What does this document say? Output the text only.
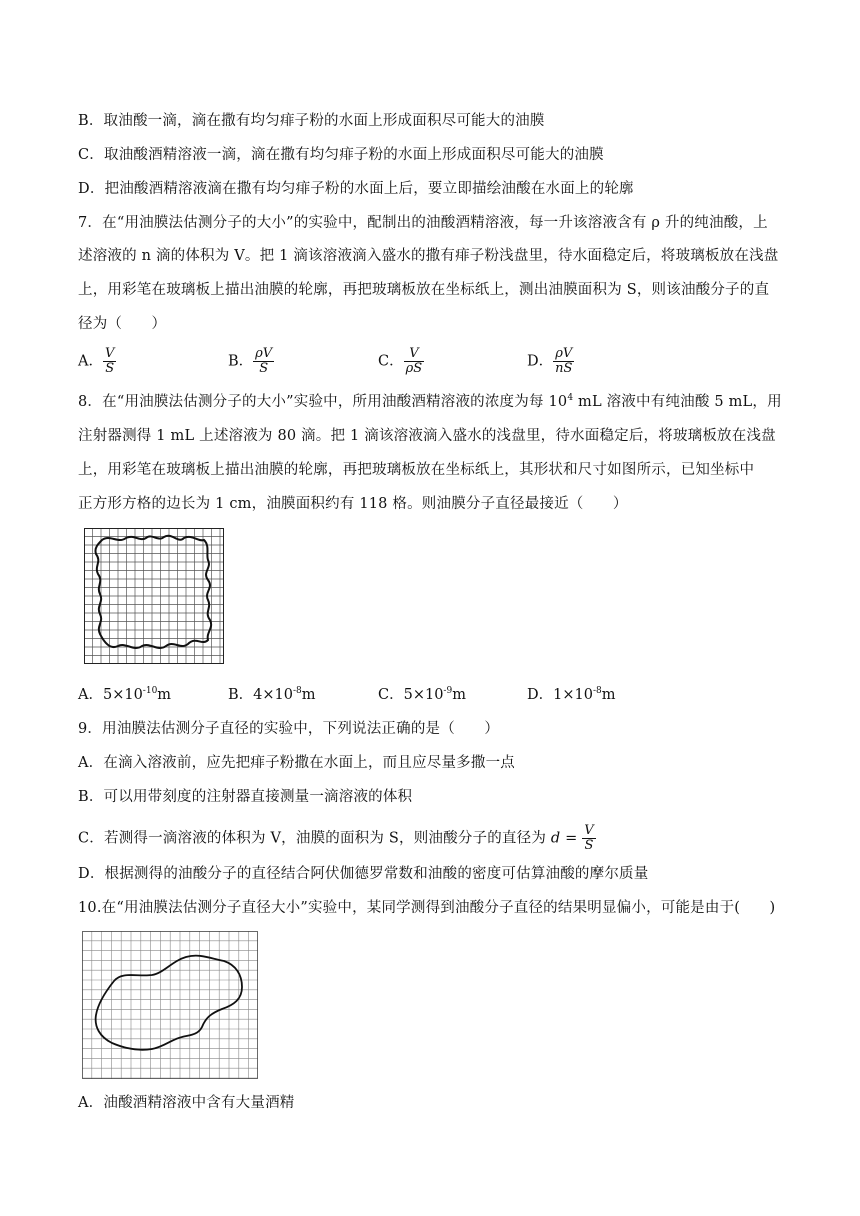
B．取油酸一滴，滴在撒有均匀痱子粉的水面上形成面积尽可能大的油膜
C．取油酸酒精溶液一滴，滴在撒有均匀痱子粉的水面上形成面积尽可能大的油膜
D．把油酸酒精溶液滴在撒有均匀痱子粉的水面上后，要立即描绘油酸在水面上的轮廓
7．在“用油膜法估测分子的大小”的实验中，配制出的油酸酒精溶液，每一升该溶液含有 ρ 升的纯油酸，上
述溶液的 n 滴的体积为 V。把 1 滴该溶液滴入盛水的撒有痱子粉浅盘里，待水面稳定后，将玻璃板放在浅盘
上，用彩笔在玻璃板上描出油膜的轮廓，再把玻璃板放在坐标纸上，测出油膜面积为 S，则该油酸分子的直
径为（　　）
A． $\frac{V}{S}$	B． $\frac{\rho V}{S}$	C． $\frac{V}{\rho S}$	D． $\frac{\rho V}{nS}$
8．在“用油膜法估测分子的大小”实验中，所用油酸酒精溶液的浓度为每 $10^4$ mL 溶液中有纯油酸 5 mL，用
注射器测得 1 mL 上述溶液为 80 滴。把 1 滴该溶液滴入盛水的浅盘里，待水面稳定后，将玻璃板放在浅盘
上，用彩笔在玻璃板上描出油膜的轮廓，再把玻璃板放在坐标纸上，其形状和尺寸如图所示，已知坐标中
正方形方格的边长为 1 cm，油膜面积约有 118 格。则油膜分子直径最接近（　　）
A．$5\times 10^{-10}m$	B．$4\times 10^{-8}m$	C．$5\times 10^{-9}m$	D．$1\times 10^{-8}m$
9．用油膜法估测分子直径的实验中，下列说法正确的是（　　）
A．在滴入溶液前，应先把痱子粉撒在水面上，而且应尽量多撒一点
B．可以用带刻度的注射器直接测量一滴溶液的体积
C．若测得一滴溶液的体积为 V，油膜的面积为 S，则油酸分子的直径为 $d = \frac{V}{S}$
D．根据测得的油酸分子的直径结合阿伏伽德罗常数和油酸的密度可估算油酸的摩尔质量
10.在“用油膜法估测分子直径大小”实验中，某同学测得到油酸分子直径的结果明显偏小，可能是由于(　　)
A．油酸酒精溶液中含有大量酒精
